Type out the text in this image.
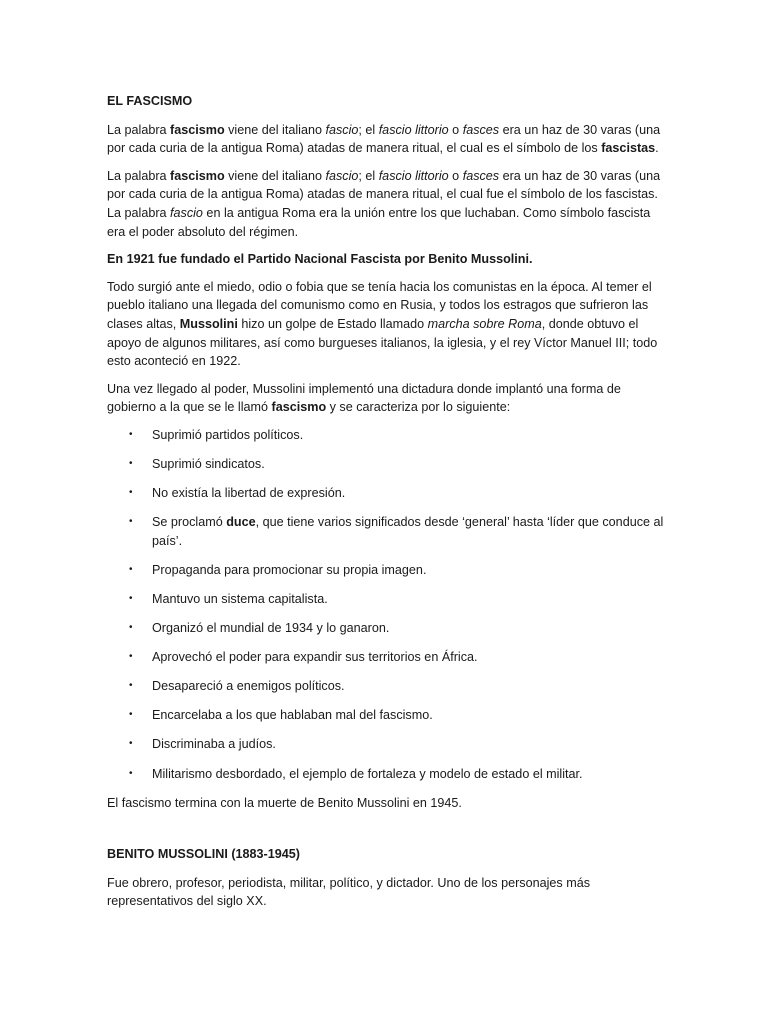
EL FASCISMO

La palabra fascismo viene del italiano fascio; el fascio littorio o fasces era un haz de 30 varas (una por cada curia de la antigua Roma) atadas de manera ritual, el cual es el símbolo de los fascistas.

La palabra fascismo viene del italiano fascio; el fascio littorio o fasces era un haz de 30 varas (una por cada curia de la antigua Roma) atadas de manera ritual, el cual fue el símbolo de los fascistas. La palabra fascio en la antigua Roma era la unión entre los que luchaban. Como símbolo fascista era el poder absoluto del régimen.

En 1921 fue fundado el Partido Nacional Fascista por Benito Mussolini.

Todo surgió ante el miedo, odio o fobia que se tenía hacia los comunistas en la época. Al temer el pueblo italiano una llegada del comunismo como en Rusia, y todos los estragos que sufrieron las clases altas, Mussolini hizo un golpe de Estado llamado marcha sobre Roma, donde obtuvo el apoyo de algunos militares, así como burgueses italianos, la iglesia, y el rey Víctor Manuel III; todo esto aconteció en 1922.

Una vez llegado al poder, Mussolini implementó una dictadura donde implantó una forma de gobierno a la que se le llamó fascismo y se caracteriza por lo siguiente:

• Suprimió partidos políticos.
• Suprimió sindicatos.
• No existía la libertad de expresión.
• Se proclamó duce, que tiene varios significados desde ‘general’ hasta ‘líder que conduce al país’.
• Propaganda para promocionar su propia imagen.
• Mantuvo un sistema capitalista.
• Organizó el mundial de 1934 y lo ganaron.
• Aprovechó el poder para expandir sus territorios en África.
• Desapareció a enemigos políticos.
• Encarcelaba a los que hablaban mal del fascismo.
• Discriminaba a judíos.
• Militarismo desbordado, el ejemplo de fortaleza y modelo de estado el militar.

El fascismo termina con la muerte de Benito Mussolini en 1945.

BENITO MUSSOLINI (1883-1945)

Fue obrero, profesor, periodista, militar, político, y dictador. Uno de los personajes más representativos del siglo XX.
